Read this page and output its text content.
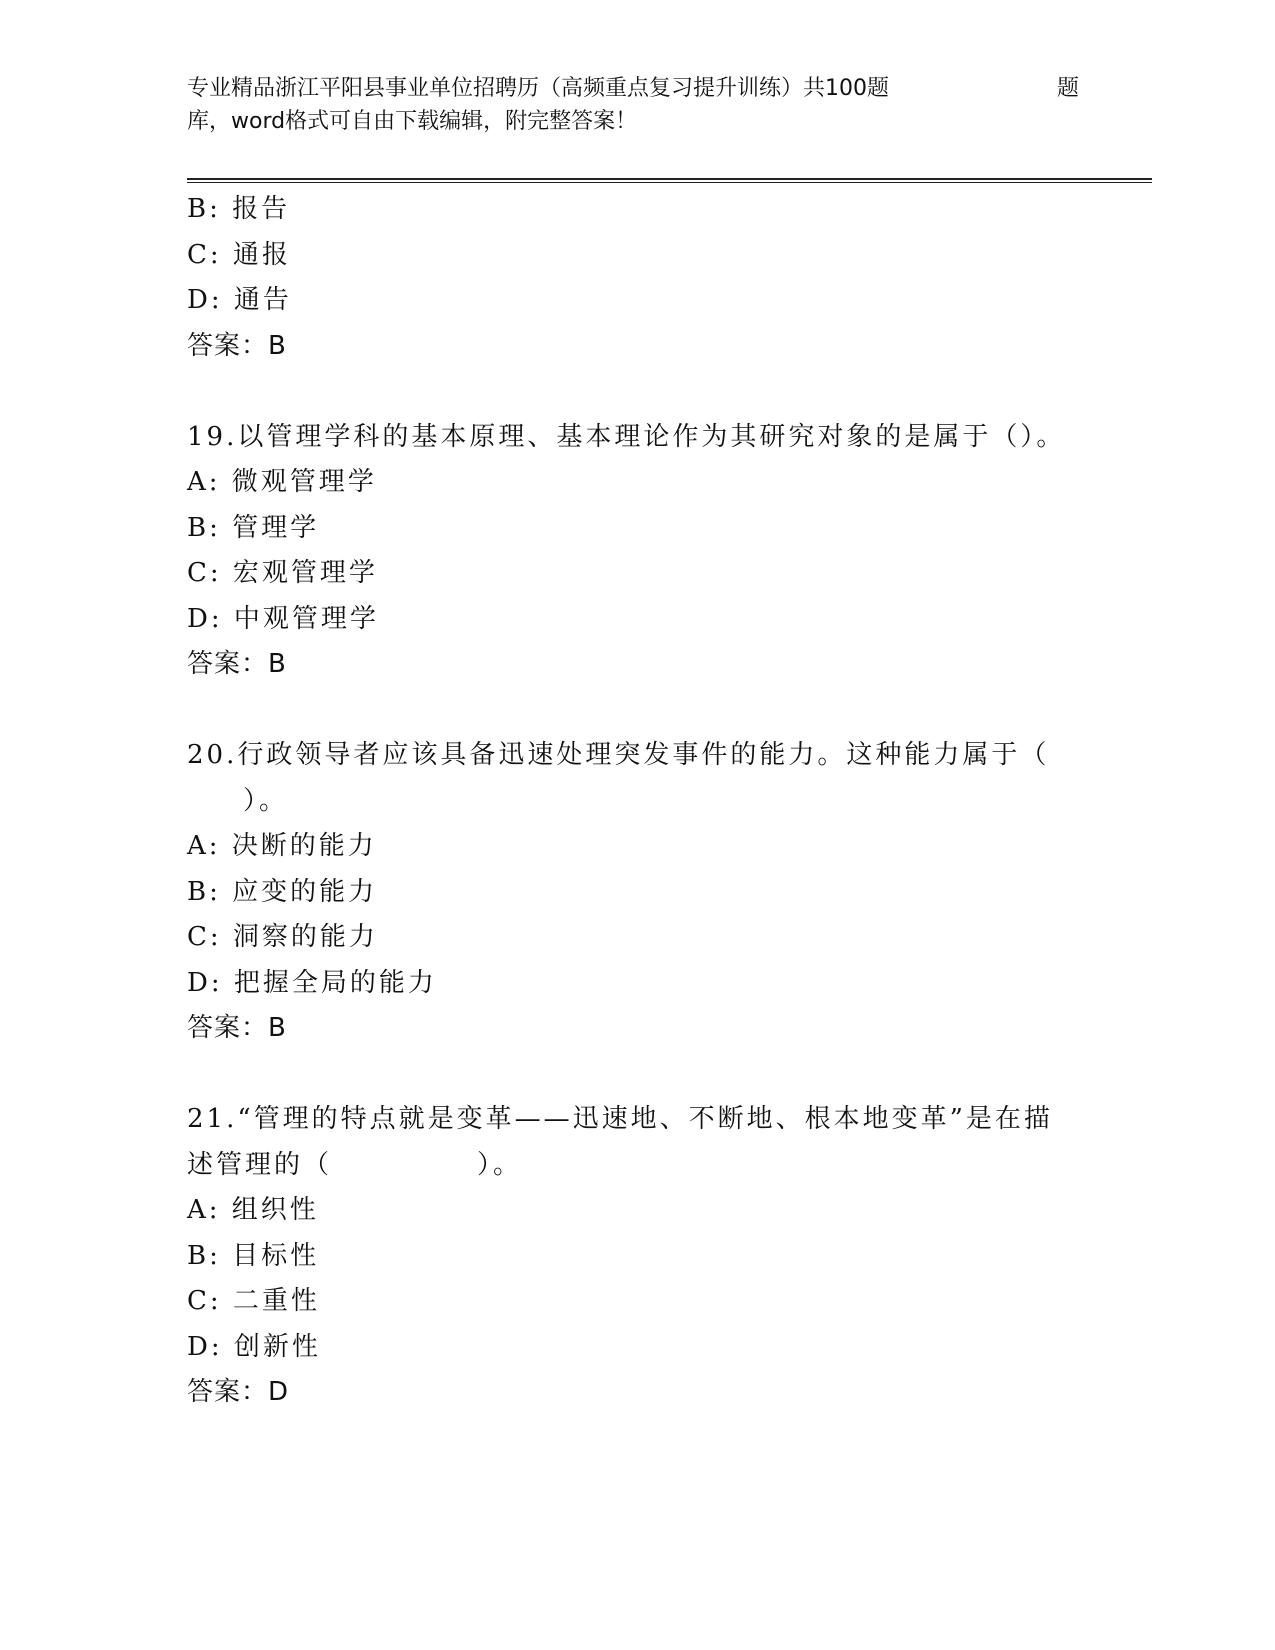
专业精品浙江平阳县事业单位招聘历（高频重点复习提升训练）共100题	题
库，word格式可自由下载编辑，附完整答案！
B: 报告
C: 通报
D: 通告
答案：B
19.以管理学科的基本原理、基本理论作为其研究对象的是属于（）。
A: 微观管理学
B: 管理学
C: 宏观管理学
D: 中观管理学
答案：B
20.行政领导者应该具备迅速处理突发事件的能力。这种能力属于（
）。
A: 决断的能力
B: 应变的能力
C: 洞察的能力
D: 把握全局的能力
答案：B
21.“管理的特点就是变革——迅速地、不断地、根本地变革”是在描
述管理的（　　　　　）。
A: 组织性
B: 目标性
C: 二重性
D: 创新性
答案：D
